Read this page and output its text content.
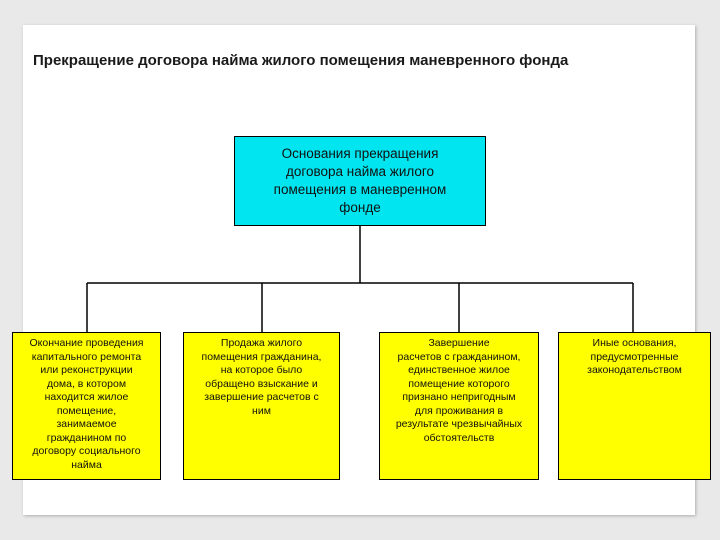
Прекращение договора найма жилого помещения маневренного фонда
Основания прекращения
договора найма жилого
помещения в маневренном
фонде
Окончание проведения
капитального ремонта
или реконструкции
дома, в котором
находится жилое
помещение,
занимаемое
гражданином по
договору социального
найма
Продажа жилого
помещения гражданина,
на которое было
обращено взыскание и
завершение расчетов с
ним
Завершение
расчетов с гражданином,
единственное жилое
помещение которого
признано непригодным
для проживания в
результате чрезвычайных
обстоятельств
Иные основания,
предусмотренные
законодательством
